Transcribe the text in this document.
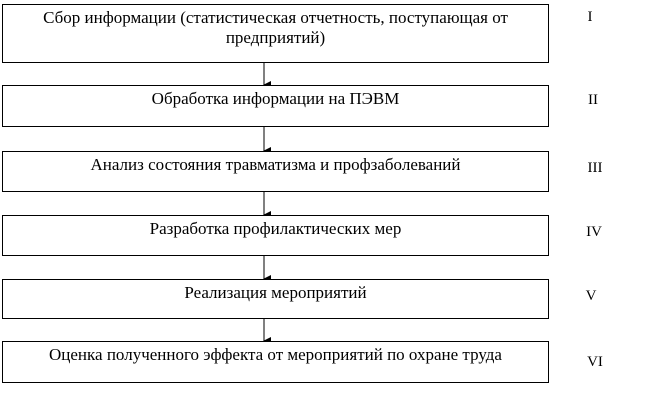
Сбор информации (статистическая отчетность, поступающая от предприятий)
I
Обработка информации на ПЭВМ	II
Анализ состояния травматизма и профзаболеваний	III
Разработка профилактических мер	IV
Реализация мероприятий	V
Оценка полученного эффекта от мероприятий по охране труда	VI
